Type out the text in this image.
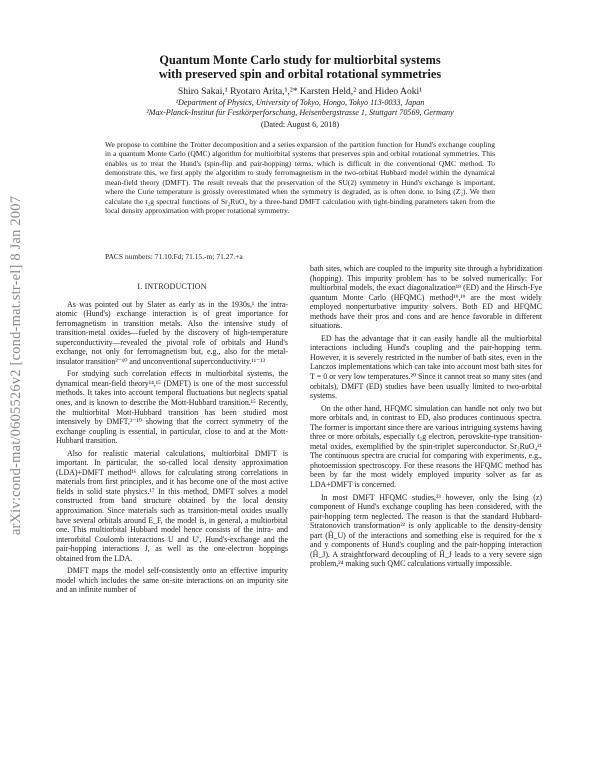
arXiv:cond-mat/0605526v2 [cond-mat.str-el] 8 Jan 2007
Quantum Monte Carlo study for multiorbital systems
with preserved spin and orbital rotational symmetries
Shiro Sakai,¹ Ryotaro Arita,¹,²* Karsten Held,² and Hideo Aoki¹
¹Department of Physics, University of Tokyo, Hongo, Tokyo 113-0033, Japan
²Max-Planck-Institut für Festkörperforschung, Heisenbergstrasse 1, Stuttgart 70569, Germany
(Dated: August 6, 2018)
We propose to combine the Trotter decomposition and a series expansion of the partition function for Hund's exchange coupling in a quantum Monte Carlo (QMC) algorithm for multiorbital systems that preserves spin and orbital rotational symmetries. This enables us to treat the Hund's (spin-flip and pair-hopping) terms, which is difficult in the conventional QMC method. To demonstrate this, we first apply the algorithm to study ferromagnetism in the two-orbital Hubbard model within the dynamical mean-field theory (DMFT). The result reveals that the preservation of the SU(2) symmetry in Hund's exchange is important, where the Curie temperature is grossly overestimated when the symmetry is degraded, as is often done, to Ising (Z₂). We then calculate the t₂g spectral functions of Sr₂RuO₄ by a three-band DMFT calculation with tight-binding parameters taken from the local density approximation with proper rotational symmetry.
PACS numbers: 71.10.Fd; 71.15.-m; 71.27.+a
I. INTRODUCTION

As was pointed out by Slater as early as in the 1930s,¹ the intra-atomic (Hund's) exchange interaction is of great importance for ferromagnetism in transition metals. Also the intensive study of transition-metal oxides—fueled by the discovery of high-temperature superconductivity—revealed the pivotal role of orbitals and Hund's exchange, not only for ferromagnetism but, e.g., also for the metal-insulator transition²⁻¹⁰ and unconventional superconductivity.¹¹⁻¹³

For studying such correlation effects in multiorbital systems, the dynamical mean-field theory¹⁴,¹⁵ (DMFT) is one of the most successful methods. It takes into account temporal fluctuations but neglects spatial ones, and is known to describe the Mott-Hubbard transition.¹⁵ Recently, the multiorbital Mott-Hubbard transition has been studied most intensively by DMFT,³⁻¹⁰ showing that the correct symmetry of the exchange coupling is essential, in particular, close to and at the Mott-Hubbard transition.

Also for realistic material calculations, multiorbital DMFT is important. In particular, the so-called local density approximation (LDA)+DMFT method¹⁶ allows for calculating strong correlations in materials from first principles, and it has become one of the most active fields in solid state physics.¹⁷ In this method, DMFT solves a model constructed from band structure obtained by the local density approximation. Since materials such as transition-metal oxides usually have several orbitals around E_F, the model is, in general, a multiorbital one. This multiorbital Hubbard model hence consists of the intra- and interorbital Coulomb interactions U and U′, Hund's-exchange and the pair-hopping interactions J, as well as the one-electron hoppings obtained from the LDA.

DMFT maps the model self-consistently onto an effective impurity model which includes the same on-site interactions on an impurity site and an infinite number of

bath sites, which are coupled to the impurity site through a hybridization (hopping). This impurity problem has to be solved numerically: For multiorbital models, the exact diagonalization¹⁸ (ED) and the Hirsch-Fye quantum Monte Carlo (HFQMC) method¹⁹,¹⁹ are the most widely employed nonperturbative impurity solvers. Both ED and HFQMC methods have their pros and cons and are hence favorable in different situations.

ED has the advantage that it can easily handle all the multiorbital interactions including Hund's coupling and the pair-hopping term. However, it is severely restricted in the number of bath sites, even in the Lanczos implementations which can take into account most bath sites for T = 0 or very low temperatures.²⁰ Since it cannot treat so many sites (and orbitals), DMFT (ED) studies have been usually limited to two-orbital systems.

On the other hand, HFQMC simulation can handle not only two but more orbitals and, in contrast to ED, also produces continuous spectra. The former is important since there are various intriguing systems having three or more orbitals, especially t₂g electron, perovskite-type transition-metal oxides, exemplified by the spin-triplet superconductor. Sr₂RuO₄²¹ The continuous spectra are crucial for comparing with experiments, e.g., photoemission spectroscopy. For these reasons the HFQMC method has been by far the most widely employed impurity solver as far as LDA+DMFT is concerned.

In most DMFT HFQMC studies,²³ however, only the Ising (z) component of Hund's exchange coupling has been considered, with the pair-hopping term neglected. The reason is that the standard Hubbard-Stratonovich transformation²² is only applicable to the density-density part (Ĥ_U) of the interactions and something else is required for the x and y components of Hund's coupling and the pair-hopping interaction (Ĥ_J). A straightforward decoupling of Ĥ_J leads to a very severe sign problem,²⁴ making such QMC calculations virtually impossible.
